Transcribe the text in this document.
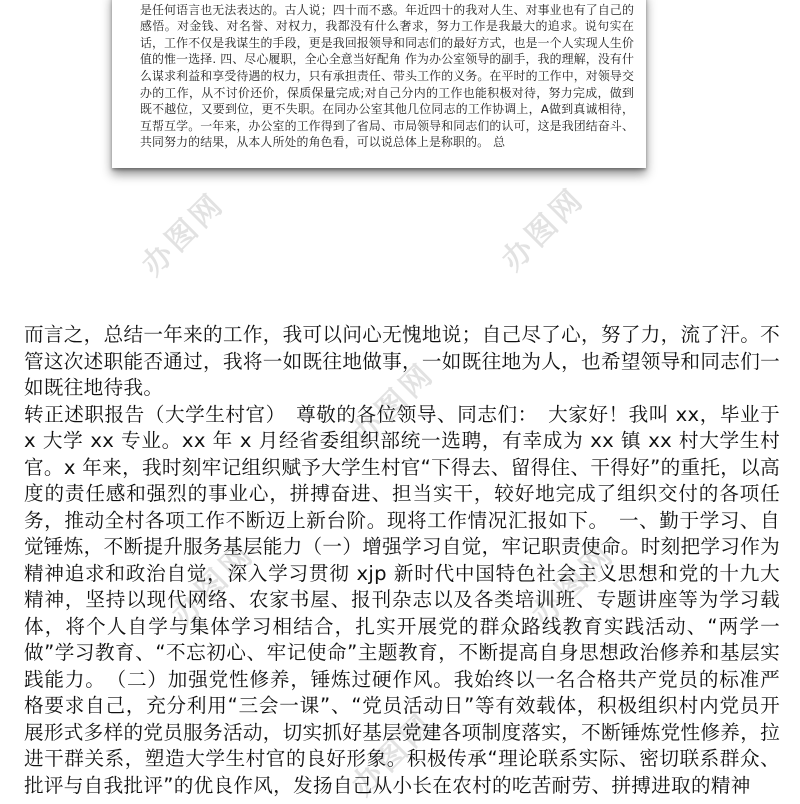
是任何语言也无法表达的。古人说；四十而不惑。年近四十的我对人生、对事业也有了自己的感悟。对金钱、对名誉、对权力，我都没有什么奢求，努力工作是我最大的追求。说句实在话，工作不仅是我谋生的手段，更是我回报领导和同志们的最好方式，也是一个人实现人生价值的惟一选择. 四、尽心履职，全心全意当好配角 作为办公室领导的副手，我的理解，没有什么谋求利益和享受待遇的权力，只有承担责任、带头工作的义务。在平时的工作中，对领导交办的工作，从不讨价还价，保质保量完成;对自己分内的工作也能积极对待，努力完成，做到既不越位，又要到位，更不失职。在同办公室其他几位同志的工作协调上，A做到真诚相待，互帮互学。一年来，办公室的工作得到了省局、市局领导和同志们的认可，这是我团结奋斗、共同努力的结果，从本人所处的角色看，可以说总体上是称职的。 总

办图网	办图网
办图网
办图网	办图网
办图网

而言之，总结一年来的工作，我可以问心无愧地说；自己尽了心，努了力，流了汗。不管这次述职能否通过，我将一如既往地做事，一如既往地为人，也希望领导和同志们一如既往地待我。

转正述职报告（大学生村官）　尊敬的各位领导、同志们：　大家好！我叫 xx，毕业于 x 大学 xx 专业。xx 年 x 月经省委组织部统一选聘，有幸成为 xx 镇 xx 村大学生村官。x 年来，我时刻牢记组织赋予大学生村官“下得去、留得住、干得好”的重托，以高度的责任感和强烈的事业心，拼搏奋进、担当实干，较好地完成了组织交付的各项任务，推动全村各项工作不断迈上新台阶。现将工作情况汇报如下。　一、勤于学习、自觉锤炼，不断提升服务基层能力（一）增强学习自觉，牢记职责使命。时刻把学习作为精神追求和政治自觉，深入学习贯彻 xjp 新时代中国特色社会主义思想和党的十九大精神，坚持以现代网络、农家书屋、报刊杂志以及各类培训班、专题讲座等为学习载体，将个人自学与集体学习相结合，扎实开展党的群众路线教育实践活动、“两学一做”学习教育、“不忘初心、牢记使命”主题教育，不断提高自身思想政治修养和基层实践能力。　（二）加强党性修养，锤炼过硬作风。我始终以一名合格共产党员的标准严格要求自己，充分利用“三会一课”、“党员活动日”等有效载体，积极组织村内党员开展形式多样的党员服务活动，切实抓好基层党建各项制度落实，不断锤炼党性修养，拉进干群关系，塑造大学生村官的良好形象。积极传承“理论联系实际、密切联系群众、批评与自我批评”的优良作风，发扬自己从小长在农村的吃苦耐劳、拼搏进取的精神
